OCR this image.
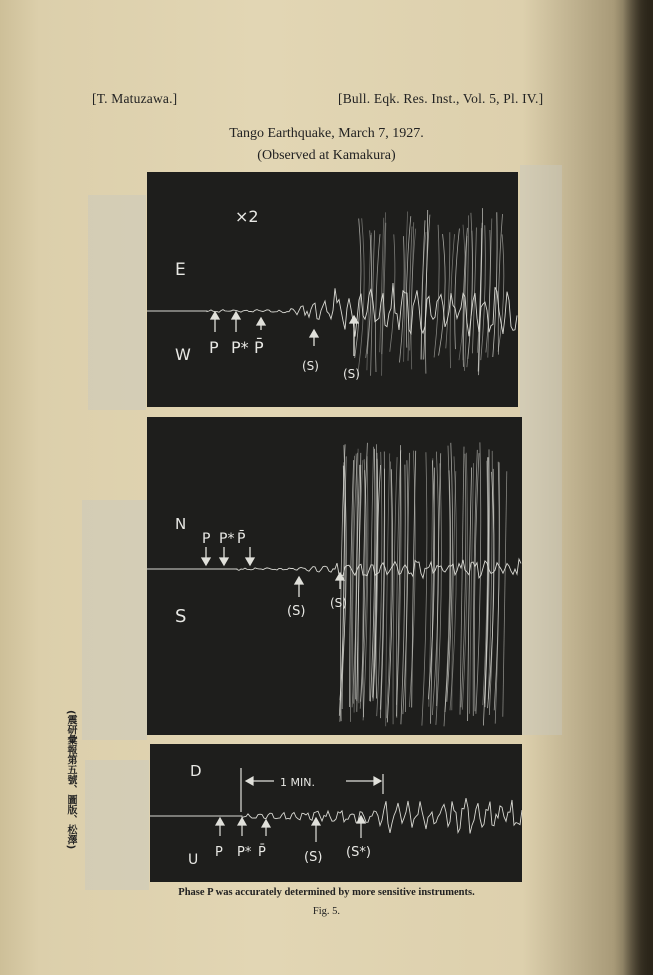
[T. Matuzawa.]	[Bull. Eqk. Res. Inst., Vol. 5, Pl. IV.]
Tango Earthquake, March 7, 1927.
(Observed at Kamakura)
×2
E
W P P* P̄
(S)
(S)
N
S
P P* P̄
(S)
(S)
D
U
1 MIN.
P P* P̄	(S) (S*)
Phase P was accurately determined by more sensitive instruments.
Fig. 5.
(震研彙報第五號、圖版、松澤)
